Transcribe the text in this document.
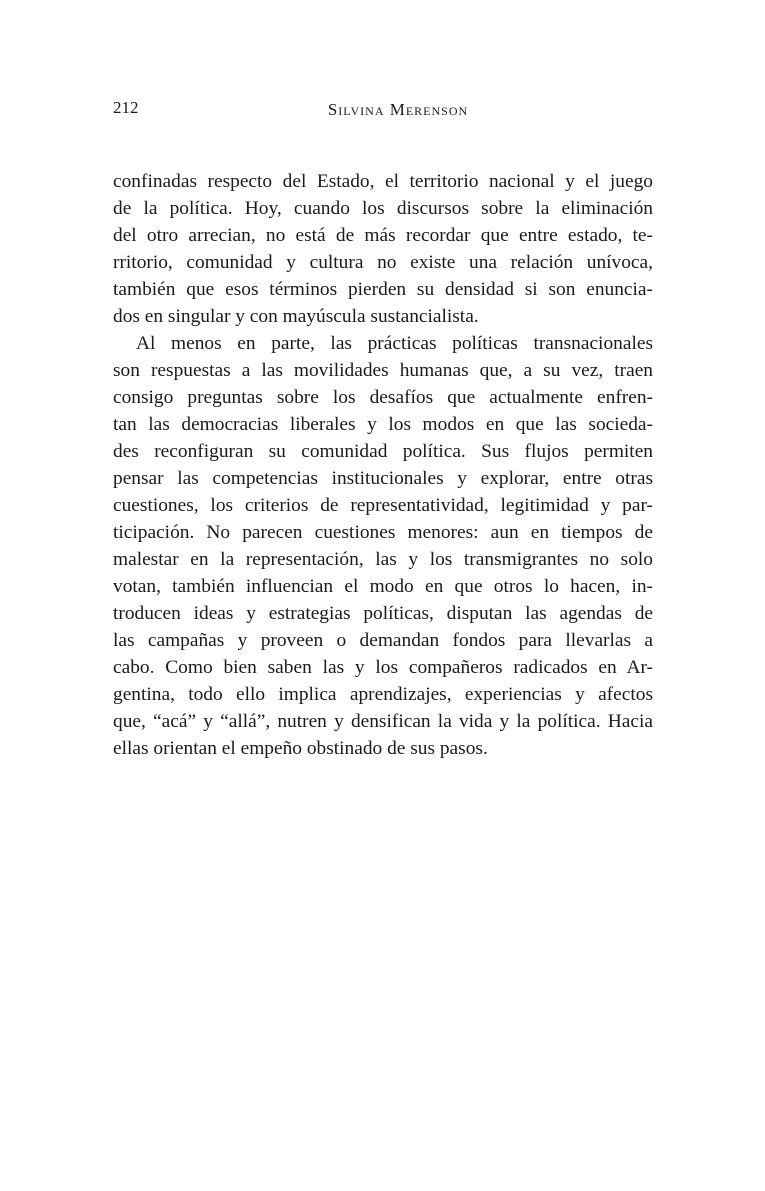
212	Silvina Merenson
confinadas respecto del Estado, el territorio nacional y el juego
de la política. Hoy, cuando los discursos sobre la eliminación
del otro arrecian, no está de más recordar que entre estado, te-
rritorio, comunidad y cultura no existe una relación unívoca,
también que esos términos pierden su densidad si son enuncia-
dos en singular y con mayúscula sustancialista.
Al menos en parte, las prácticas políticas transnacionales
son respuestas a las movilidades humanas que, a su vez, traen
consigo preguntas sobre los desafíos que actualmente enfren-
tan las democracias liberales y los modos en que las socieda-
des reconfiguran su comunidad política. Sus flujos permiten
pensar las competencias institucionales y explorar, entre otras
cuestiones, los criterios de representatividad, legitimidad y par-
ticipación. No parecen cuestiones menores: aun en tiempos de
malestar en la representación, las y los transmigrantes no solo
votan, también influencian el modo en que otros lo hacen, in-
troducen ideas y estrategias políticas, disputan las agendas de
las campañas y proveen o demandan fondos para llevarlas a
cabo. Como bien saben las y los compañeros radicados en Ar-
gentina, todo ello implica aprendizajes, experiencias y afectos
que, “acá” y “allá”, nutren y densifican la vida y la política. Hacia
ellas orientan el empeño obstinado de sus pasos.
